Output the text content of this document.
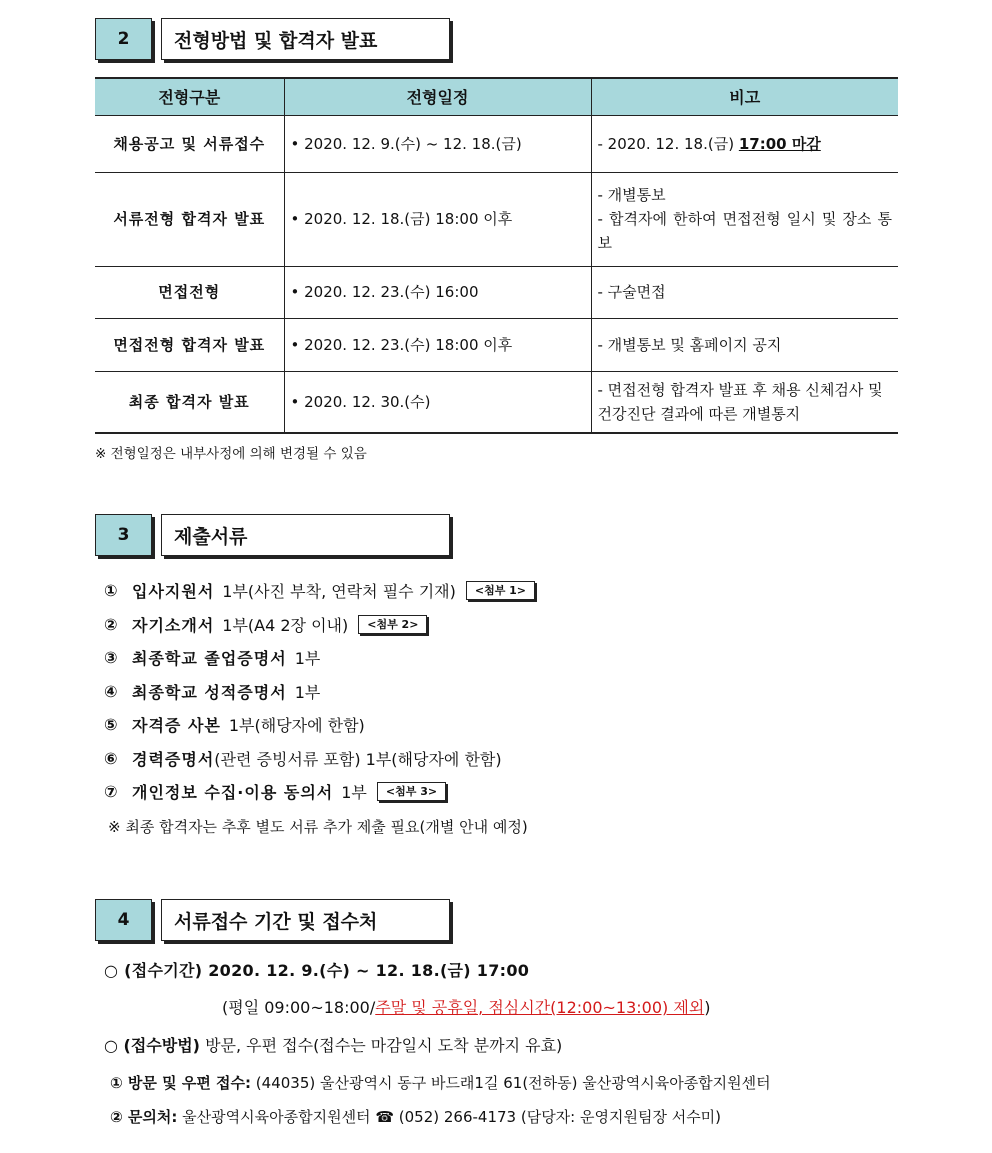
2	전형방법 및 합격자 발표
전형구분	전형일정	비고
채용공고 및 서류접수	• 2020. 12. 9.(수) ~ 12. 18.(금)	- 2020. 12. 18.(금) 17:00 마감
서류전형 합격자 발표	• 2020. 12. 18.(금) 18:00 이후	- 개별통보
- 합격자에 한하여 면접전형 일시 및 장소 통보

면접전형	• 2020. 12. 23.(수) 16:00	- 구술면접
면접전형 합격자 발표	• 2020. 12. 23.(수) 18:00 이후	- 개별통보 및 홈페이지 공지
최종 합격자 발표	• 2020. 12. 30.(수)	- 면접전형 합격자 발표 후 채용 신체검사 및 건강진단 결과에 따른 개별통지
※ 전형일정은 내부사정에 의해 변경될 수 있음
3	제출서류
① 입사지원서 1부(사진 부착, 연락처 필수 기재)	<첨부 1>
② 자기소개서 1부(A4 2장 이내)	<첨부 2>
③ 최종학교 졸업증명서 1부
④ 최종학교 성적증명서 1부
⑤ 자격증 사본 1부(해당자에 한함)
⑥ 경력증명서 (관련 증빙서류 포함) 1부(해당자에 한함)
⑦ 개인정보 수집·이용 동의서 1부	<첨부 3>
※ 최종 합격자는 추후 별도 서류 추가 제출 필요(개별 안내 예정)
4	서류접수 기간 및 접수처
○ (접수기간) 2020. 12. 9.(수) ~ 12. 18.(금) 17:00
(평일 09:00~18:00/주말 및 공휴일, 점심시간(12:00~13:00) 제외)
○ (접수방법) 방문, 우편 접수(접수는 마감일시 도착 분까지 유효)
① 방문 및 우편 접수: (44035) 울산광역시 동구 바드래1길 61(전하동) 울산광역시육아종합지원센터
② 문의처: 울산광역시육아종합지원센터 ☎ (052) 266-4173 (담당자: 운영지원팀장 서수미)
